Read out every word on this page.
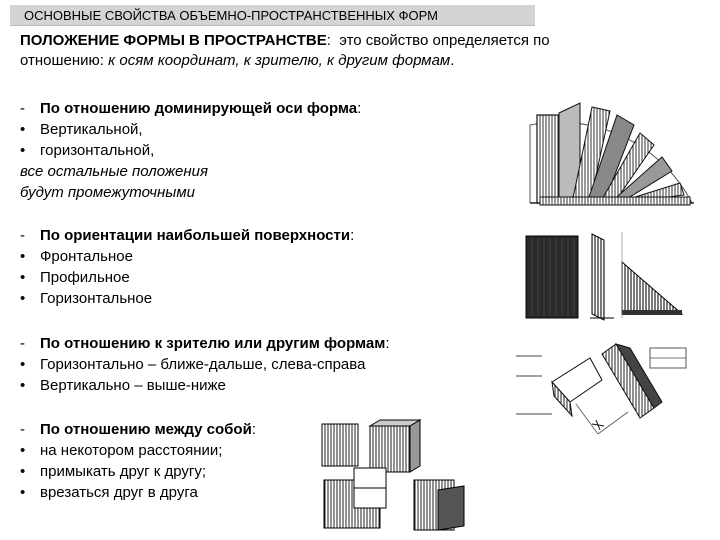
ОСНОВНЫЕ СВОЙСТВА ОБЪЕМНО-ПРОСТРАНСТВЕННЫХ ФОРМ
ПОЛОЖЕНИЕ ФОРМЫ В ПРОСТРАНСТВЕ: это свойство определяется по
отношению: к осям координат, к зрителю, к другим формам.
- По отношению доминирующей оси форма:
• Вертикальной,
• горизонтальной,
все остальные положения
будут промежуточными
- По ориентации наибольшей поверхности:
• Фронтальное
• Профильное
• Горизонтальное
- По отношению к зрителю или другим формам:
• Горизонтально – ближе-дальше, слева-справа
• Вертикально – выше-ниже
- По отношению между собой:
• на некотором расстоянии;
• примыкать друг к другу;
• врезаться друг в друга
